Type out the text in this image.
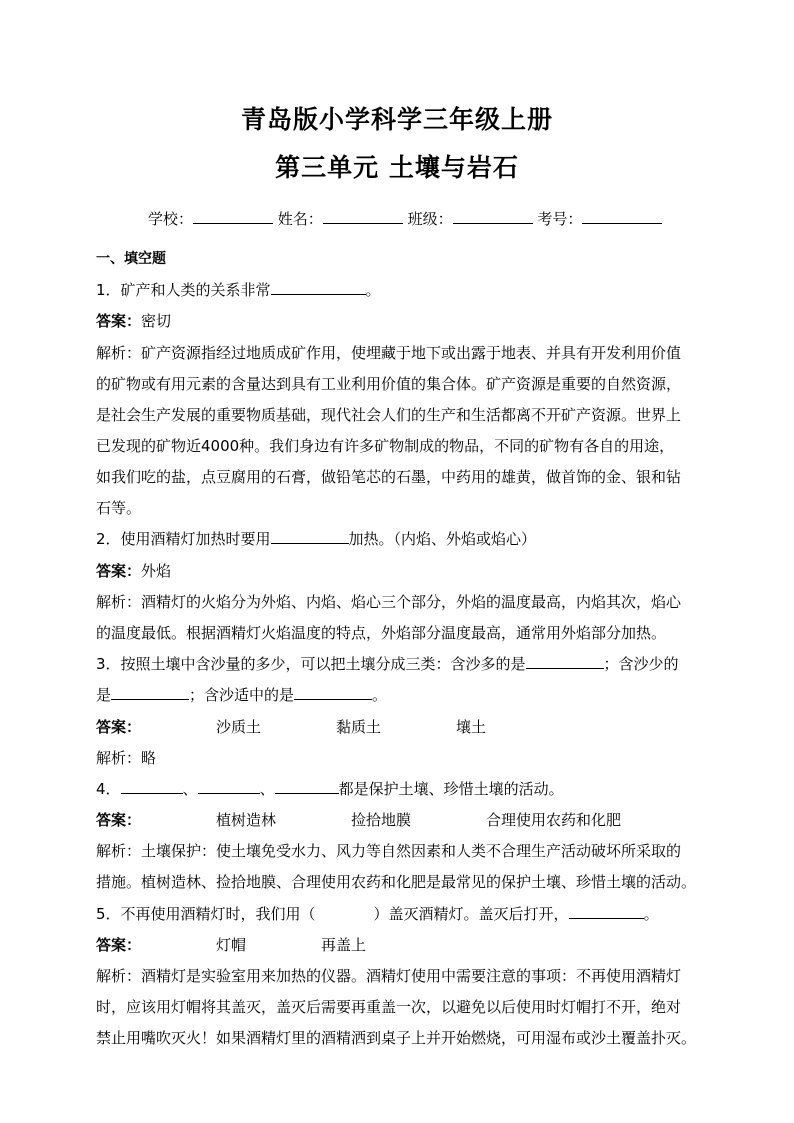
青岛版小学科学三年级上册
第三单元 土壤与岩石
学校：	姓名：	班级：	考号：
一、填空题
1．矿产和人类的关系非常	。
答案：密切
解析：矿产资源指经过地质成矿作用，使埋藏于地下或出露于地表、并具有开发利用价值
的矿物或有用元素的含量达到具有工业利用价值的集合体。矿产资源是重要的自然资源，
是社会生产发展的重要物质基础，现代社会人们的生产和生活都离不开矿产资源。世界上
已发现的矿物近4000种。我们身边有许多矿物制成的物品，不同的矿物有各自的用途，
如我们吃的盐，点豆腐用的石膏，做铅笔芯的石墨，中药用的雄黄，做首饰的金、银和钻
石等。
2．使用酒精灯加热时要用	加热。（内焰、外焰或焰心）
答案：外焰
解析：酒精灯的火焰分为外焰、内焰、焰心三个部分，外焰的温度最高，内焰其次，焰心
的温度最低。根据酒精灯火焰温度的特点，外焰部分温度最高，通常用外焰部分加热。
3．按照土壤中含沙量的多少，可以把土壤分成三类：含沙多的是	；含沙少的
是	；含沙适中的是	。
答案：	沙质土	黏质土	壤土
解析：略
4．	、	、	都是保护土壤、珍惜土壤的活动。
答案：	植树造林	捡拾地膜	合理使用农药和化肥
解析：土壤保护：使土壤免受水力、风力等自然因素和人类不合理生产活动破坏所采取的
措施。植树造林、捡拾地膜、合理使用农药和化肥是最常见的保护土壤、珍惜土壤的活动。
5．不再使用酒精灯时，我们用（	）盖灭酒精灯。盖灭后打开，	。
答案：	灯帽	再盖上
解析：酒精灯是实验室用来加热的仪器。酒精灯使用中需要注意的事项：不再使用酒精灯
时，应该用灯帽将其盖灭，盖灭后需要再重盖一次，以避免以后使用时灯帽打不开，绝对
禁止用嘴吹灭火！如果酒精灯里的酒精洒到桌子上并开始燃烧，可用湿布或沙土覆盖扑灭。
